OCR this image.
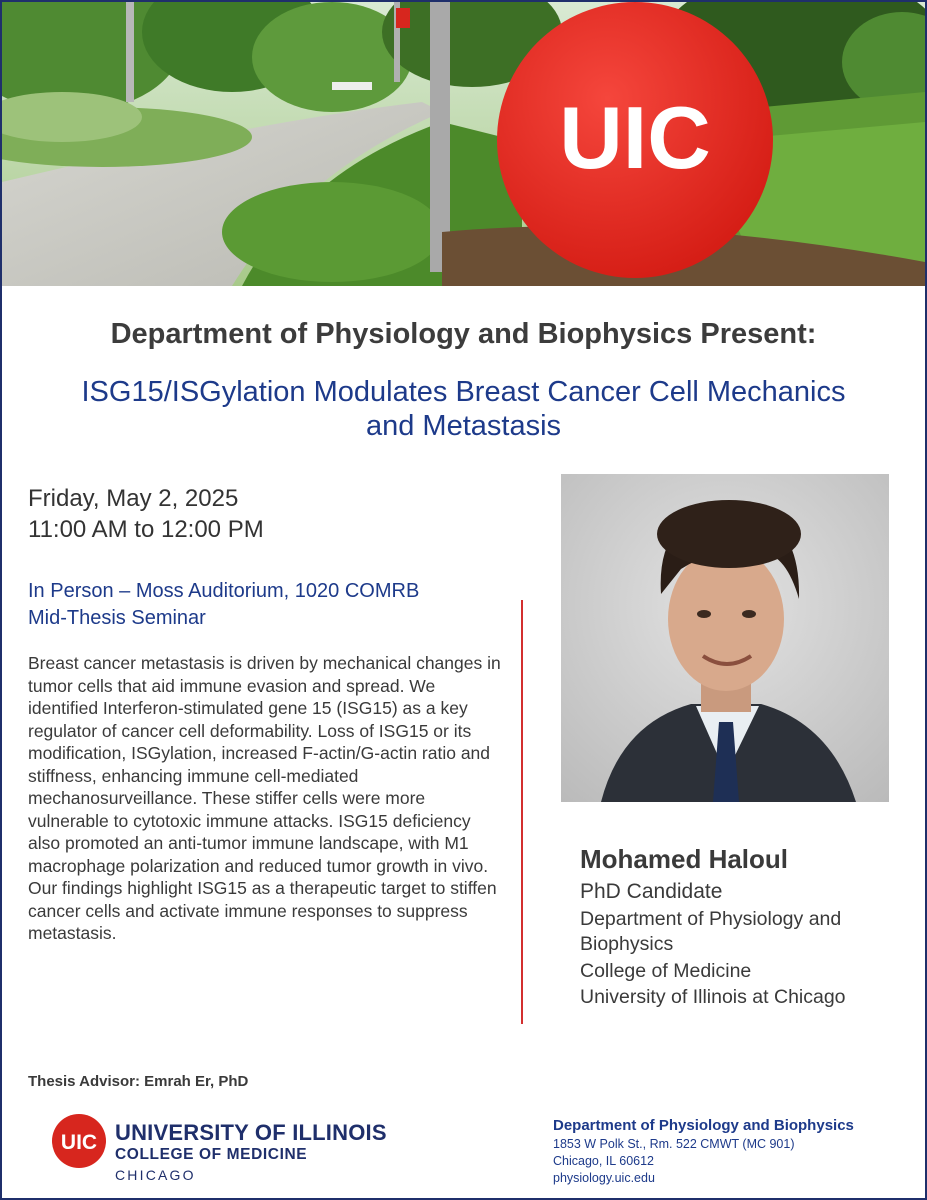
UIC
Department of Physiology and Biophysics Present:
ISG15/ISGylation Modulates Breast Cancer Cell Mechanics and Metastasis
Friday, May 2, 2025
11:00 AM to 12:00 PM
In Person – Moss Auditorium, 1020 COMRB
Mid-Thesis Seminar
Breast cancer metastasis is driven by mechanical changes in tumor cells that aid immune evasion and spread. We identified Interferon-stimulated gene 15 (ISG15) as a key regulator of cancer cell deformability. Loss of ISG15 or its modification, ISGylation, increased F-actin/G-actin ratio and stiffness, enhancing immune cell-mediated mechanosurveillance. These stiffer cells were more vulnerable to cytotoxic immune attacks. ISG15 deficiency also promoted an anti-tumor immune landscape, with M1 macrophage polarization and reduced tumor growth in vivo. Our findings highlight ISG15 as a therapeutic target to stiffen cancer cells and activate immune responses to suppress metastasis.
Mohamed Haloul
PhD Candidate
Department of Physiology and
Biophysics
College of Medicine
University of Illinois at Chicago
Thesis Advisor: Emrah Er, PhD
UIC UNIVERSITY OF ILLINOIS
COLLEGE OF MEDICINE
CHICAGO
Department of Physiology and Biophysics
1853 W Polk St., Rm. 522 CMWT (MC 901)
Chicago, IL 60612
physiology.uic.edu
